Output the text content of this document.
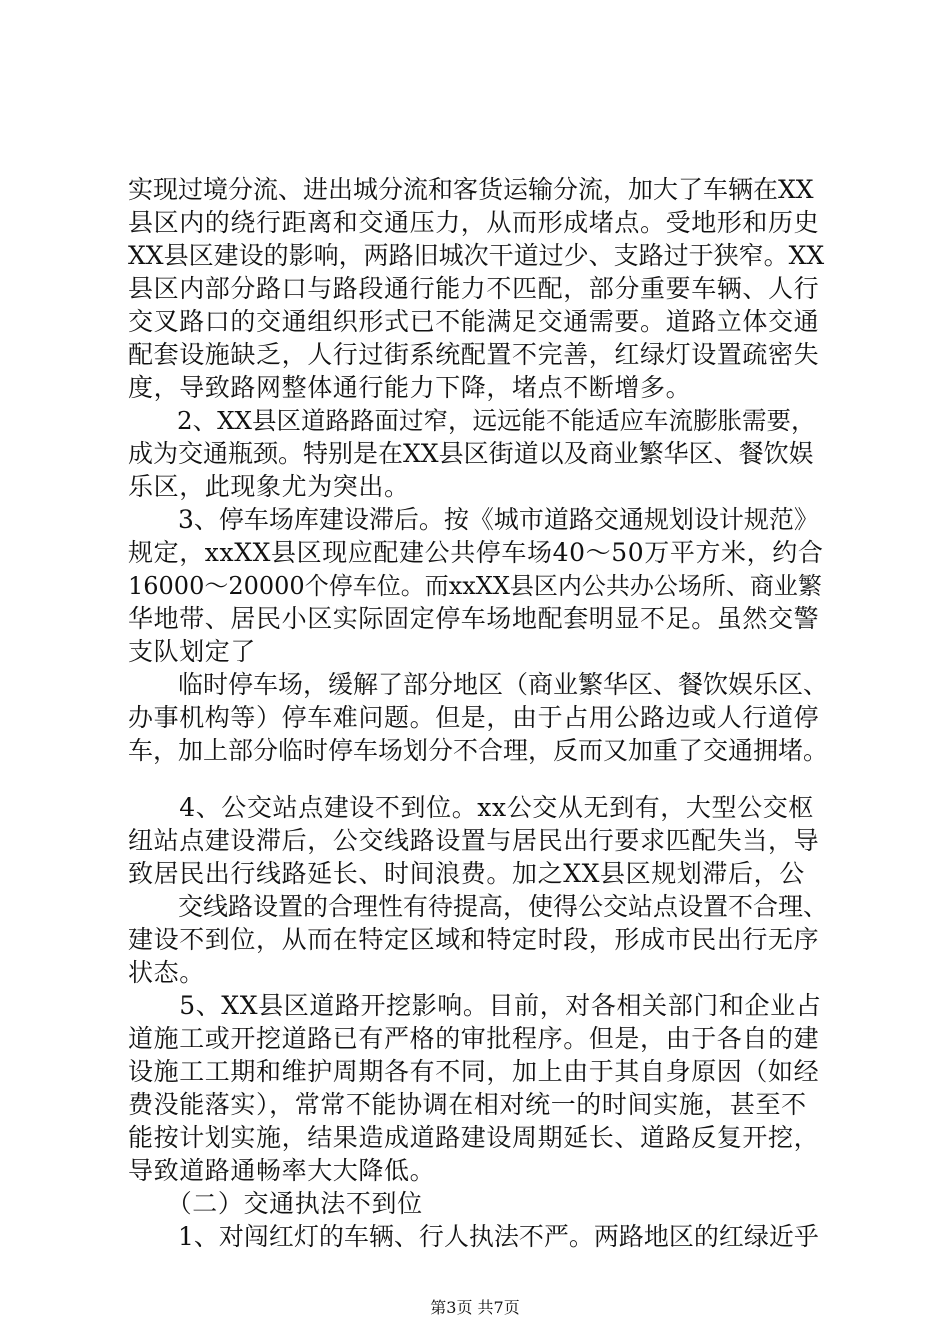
实现过境分流、进出城分流和客货运输分流，加大了车辆在XX
县区内的绕行距离和交通压力，从而形成堵点。受地形和历史
XX县区建设的影响，两路旧城次干道过少、支路过于狭窄。XX
县区内部分路口与路段通行能力不匹配，部分重要车辆、人行
交叉路口的交通组织形式已不能满足交通需要。道路立体交通
配套设施缺乏，人行过街系统配置不完善，红绿灯设置疏密失
度，导致路网整体通行能力下降，堵点不断增多。
　　2、XX县区道路路面过窄，远远能不能适应车流膨胀需要，
成为交通瓶颈。特别是在XX县区街道以及商业繁华区、餐饮娱
乐区，此现象尤为突出。
　　3、停车场库建设滞后。按《城市道路交通规划设计规范》
规定，xxXX县区现应配建公共停车场40～50万平方米，约合
16000～20000个停车位。而xxXX县区内公共办公场所、商业繁
华地带、居民小区实际固定停车场地配套明显不足。虽然交警
支队划定了
　　临时停车场，缓解了部分地区（商业繁华区、餐饮娱乐区、
办事机构等）停车难问题。但是，由于占用公路边或人行道停
车，加上部分临时停车场划分不合理，反而又加重了交通拥堵。
　　4、公交站点建设不到位。xx公交从无到有，大型公交枢
纽站点建设滞后，公交线路设置与居民出行要求匹配失当，导
致居民出行线路延长、时间浪费。加之XX县区规划滞后，公
　　交线路设置的合理性有待提高，使得公交站点设置不合理、
建设不到位，从而在特定区域和特定时段，形成市民出行无序
状态。
　　5、XX县区道路开挖影响。目前，对各相关部门和企业占
道施工或开挖道路已有严格的审批程序。但是，由于各自的建
设施工工期和维护周期各有不同，加上由于其自身原因（如经
费没能落实），常常不能协调在相对统一的时间实施，甚至不
能按计划实施，结果造成道路建设周期延长、道路反复开挖，
导致道路通畅率大大降低。
　　（二）交通执法不到位
　　1、对闯红灯的车辆、行人执法不严。两路地区的红绿近乎
第3页 共7页
